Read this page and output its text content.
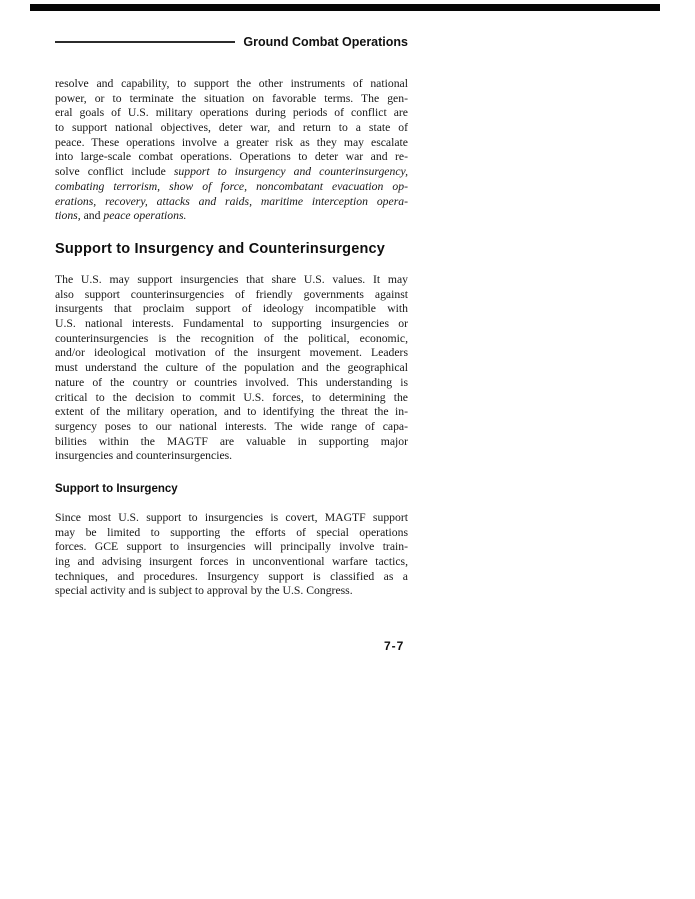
Ground Combat Operations
resolve and capability, to support the other instruments of national
power, or to terminate the situation on favorable terms. The gen-
eral goals of U.S. military operations during periods of conflict are
to support national objectives, deter war, and return to a state of
peace. These operations involve a greater risk as they may escalate
into large-scale combat operations. Operations to deter war and re-
solve conflict include support to insurgency and counterinsurgency,
combating terrorism, show of force, noncombatant evacuation op-
erations, recovery, attacks and raids, maritime interception opera-
tions, and peace operations.
Support to Insurgency and Counterinsurgency
The U.S. may support insurgencies that share U.S. values. It may
also support counterinsurgencies of friendly governments against
insurgents that proclaim support of ideology incompatible with
U.S. national interests. Fundamental to supporting insurgencies or
counterinsurgencies is the recognition of the political, economic,
and/or ideological motivation of the insurgent movement. Leaders
must understand the culture of the population and the geographical
nature of the country or countries involved. This understanding is
critical to the decision to commit U.S. forces, to determining the
extent of the military operation, and to identifying the threat the in-
surgency poses to our national interests. The wide range of capa-
bilities within the MAGTF are valuable in supporting major
insurgencies and counterinsurgencies.
Support to Insurgency
Since most U.S. support to insurgencies is covert, MAGTF support
may be limited to supporting the efforts of special operations
forces. GCE support to insurgencies will principally involve train-
ing and advising insurgent forces in unconventional warfare tactics,
techniques, and procedures. Insurgency support is classified as a
special activity and is subject to approval by the U.S. Congress.
7-7
